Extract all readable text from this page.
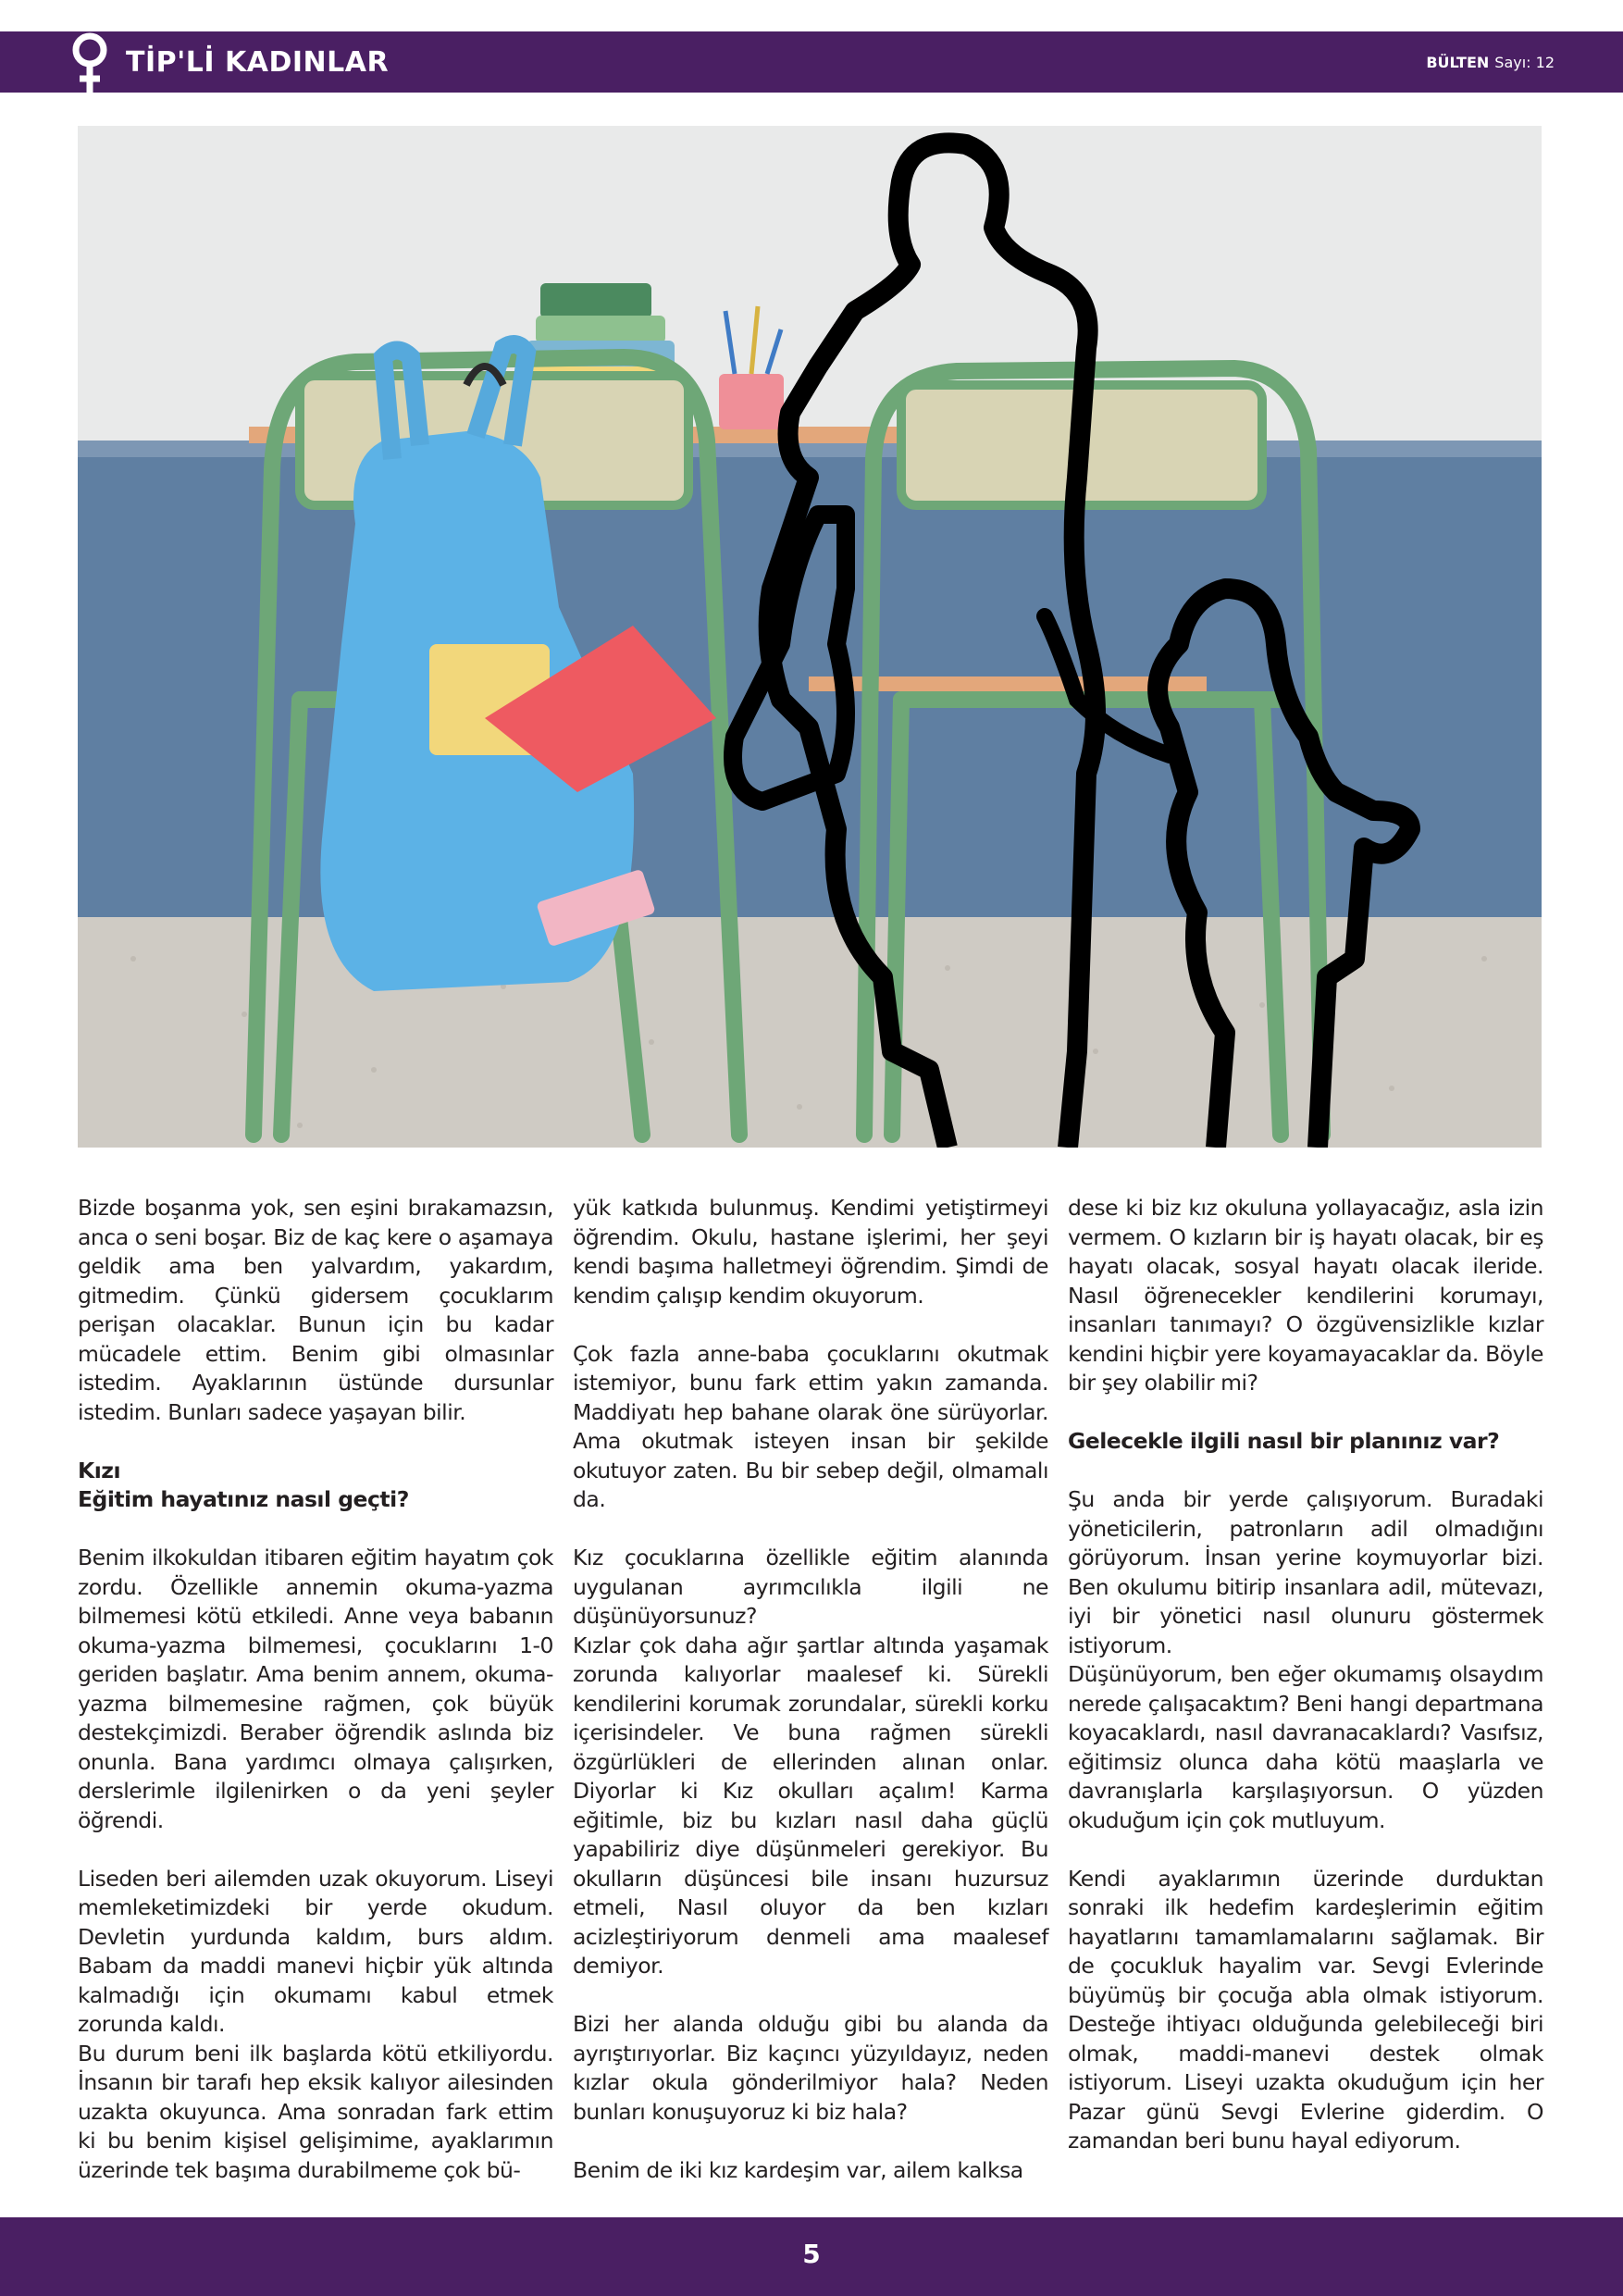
TİP'Lİ KADINLAR	BÜLTEN Sayı: 12

Bizde boşanma yok, sen eşini bırakamazsın, anca o seni boşar. Biz de kaç kere o aşamaya geldik ama ben yalvardım, yakardım, gitmedim. Çünkü gidersem çocuklarım perişan olacaklar. Bunun için bu kadar mücadele ettim. Benim gibi olmasınlar istedim. Ayaklarının üstünde dursunlar istedim. Bunları sadece yaşayan bilir.

Kızı

Eğitim hayatınız nasıl geçti?

Benim ilkokuldan itibaren eğitim hayatım çok zordu. Özellikle annemin okuma-yazma bilmemesi kötü etkiledi. Anne veya babanın okuma-yazma bilmemesi, çocuklarını 1-0 geriden başlatır. Ama benim annem, okuma-yazma bilmemesine rağmen, çok büyük destekçimizdi. Beraber öğrendik aslında biz onunla. Bana yardımcı olmaya çalışırken, derslerimle ilgilenirken o da yeni şeyler öğrendi.

Liseden beri ailemden uzak okuyorum. Liseyi memleketimizdeki bir yerde okudum. Devletin yurdunda kaldım, burs aldım. Babam da maddi manevi hiçbir yük altında kalmadığı için okumamı kabul etmek zorunda kaldı.

Bu durum beni ilk başlarda kötü etkiliyordu. İnsanın bir tarafı hep eksik kalıyor ailesinden uzakta okuyunca. Ama sonradan fark ettim ki bu benim kişisel gelişimime, ayaklarımın üzerinde tek başıma durabilmeme çok bü-

yük katkıda bulunmuş. Kendimi yetiştirmeyi öğrendim. Okulu, hastane işlerimi, her şeyi kendi başıma halletmeyi öğrendim. Şimdi de kendim çalışıp kendim okuyorum.

Çok fazla anne-baba çocuklarını okutmak istemiyor, bunu fark ettim yakın zamanda. Maddiyatı hep bahane olarak öne sürüyorlar. Ama okutmak isteyen insan bir şekilde okutuyor zaten. Bu bir sebep değil, olmamalı da.

Kız çocuklarına özellikle eğitim alanında uygulanan ayrımcılıkla ilgili ne düşünüyorsunuz?

Kızlar çok daha ağır şartlar altında yaşamak zorunda kalıyorlar maalesef ki. Sürekli kendilerini korumak zorundalar, sürekli korku içerisindeler. Ve buna rağmen sürekli özgürlükleri de ellerinden alınan onlar. Diyorlar ki Kız okulları açalım! Karma eğitimle, biz bu kızları nasıl daha güçlü yapabiliriz diye düşünmeleri gerekiyor. Bu okulların düşüncesi bile insanı huzursuz etmeli, Nasıl oluyor da ben kızları acizleştiriyorum denmeli ama maalesef demiyor.

Bizi her alanda olduğu gibi bu alanda da ayrıştırıyorlar. Biz kaçıncı yüzyıldayız, neden kızlar okula gönderilmiyor hala? Neden bunları konuşuyoruz ki biz hala?

Benim de iki kız kardeşim var, ailem kalksa

dese ki biz kız okuluna yollayacağız, asla izin vermem. O kızların bir iş hayatı olacak, bir eş hayatı olacak, sosyal hayatı olacak ileride. Nasıl öğrenecekler kendilerini korumayı, insanları tanımayı? O özgüvensizlikle kızlar kendini hiçbir yere koyamayacaklar da. Böyle bir şey olabilir mi?

Gelecekle ilgili nasıl bir planınız var?

Şu anda bir yerde çalışıyorum. Buradaki yöneticilerin, patronların adil olmadığını görüyorum. İnsan yerine koymuyorlar bizi. Ben okulumu bitirip insanlara adil, mütevazı, iyi bir yönetici nasıl olunuru göstermek istiyorum.

Düşünüyorum, ben eğer okumamış olsaydım nerede çalışacaktım? Beni hangi departmana koyacaklardı, nasıl davranacaklardı? Vasıfsız, eğitimsiz olunca daha kötü maaşlarla ve davranışlarla karşılaşıyorsun. O yüzden okuduğum için çok mutluyum.

Kendi ayaklarımın üzerinde durduktan sonraki ilk hedefim kardeşlerimin eğitim hayatlarını tamamlamalarını sağlamak. Bir de çocukluk hayalim var. Sevgi Evlerinde büyümüş bir çocuğa abla olmak istiyorum. Desteğe ihtiyacı olduğunda gelebileceği biri olmak, maddi-manevi destek olmak istiyorum. Liseyi uzakta okuduğum için her Pazar günü Sevgi Evlerine giderdim. O zamandan beri bunu hayal ediyorum.

5
